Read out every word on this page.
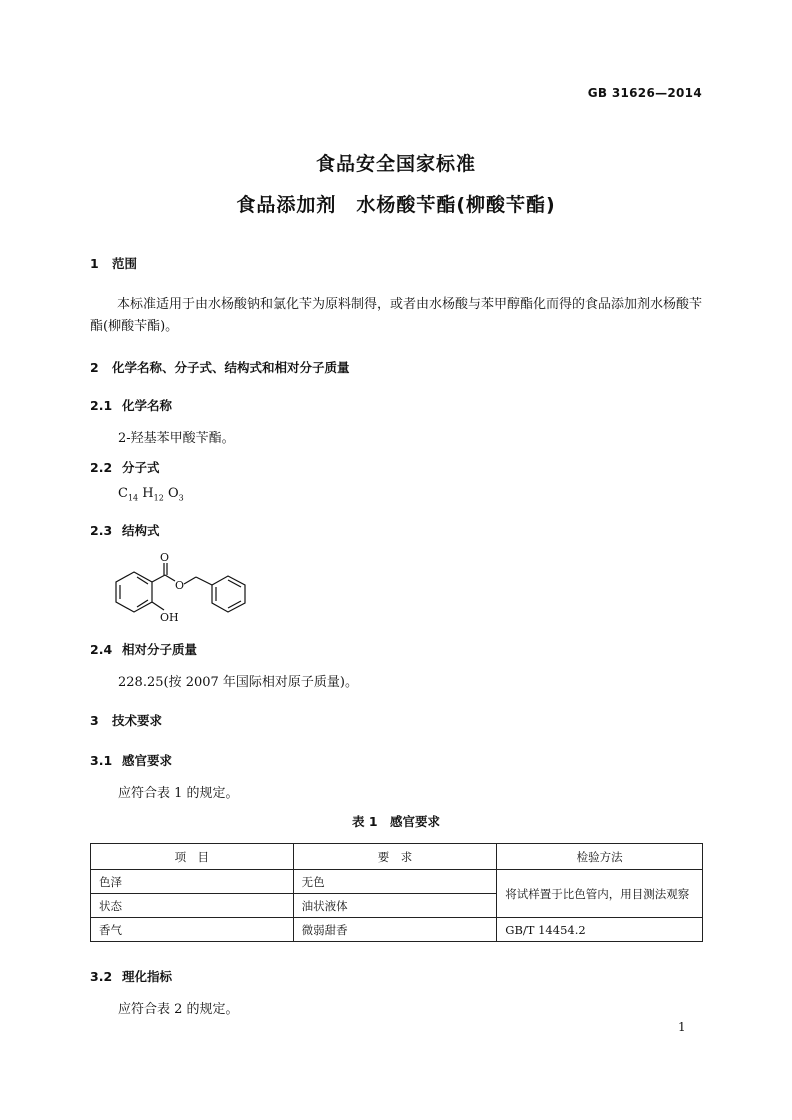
GB 31626—2014
食品安全国家标准
食品添加剂　水杨酸苄酯(柳酸苄酯)
1 范围
本标准适用于由水杨酸钠和氯化苄为原料制得，或者由水杨酸与苯甲醇酯化而得的食品添加剂水杨酸苄酯(柳酸苄酯)。
2 化学名称、分子式、结构式和相对分子质量
2.1 化学名称
2-羟基苯甲酸苄酯。
2.2 分子式
$C_{14}$ $H_{12}$ $O_3$
2.3 结构式
O
O
OH
2.4 相对分子质量
228.25(按 2007 年国际相对原子质量)。
3 技术要求
3.1 感官要求
应符合表 1 的规定。
表 1　感官要求
项　目	要　求	检验方法
色泽	无色	将试样置于比色管内，用目测法观察
状态	油状液体	
香气	微弱甜香	GB/T 14454.2
3.2 理化指标
应符合表 2 的规定。
1
